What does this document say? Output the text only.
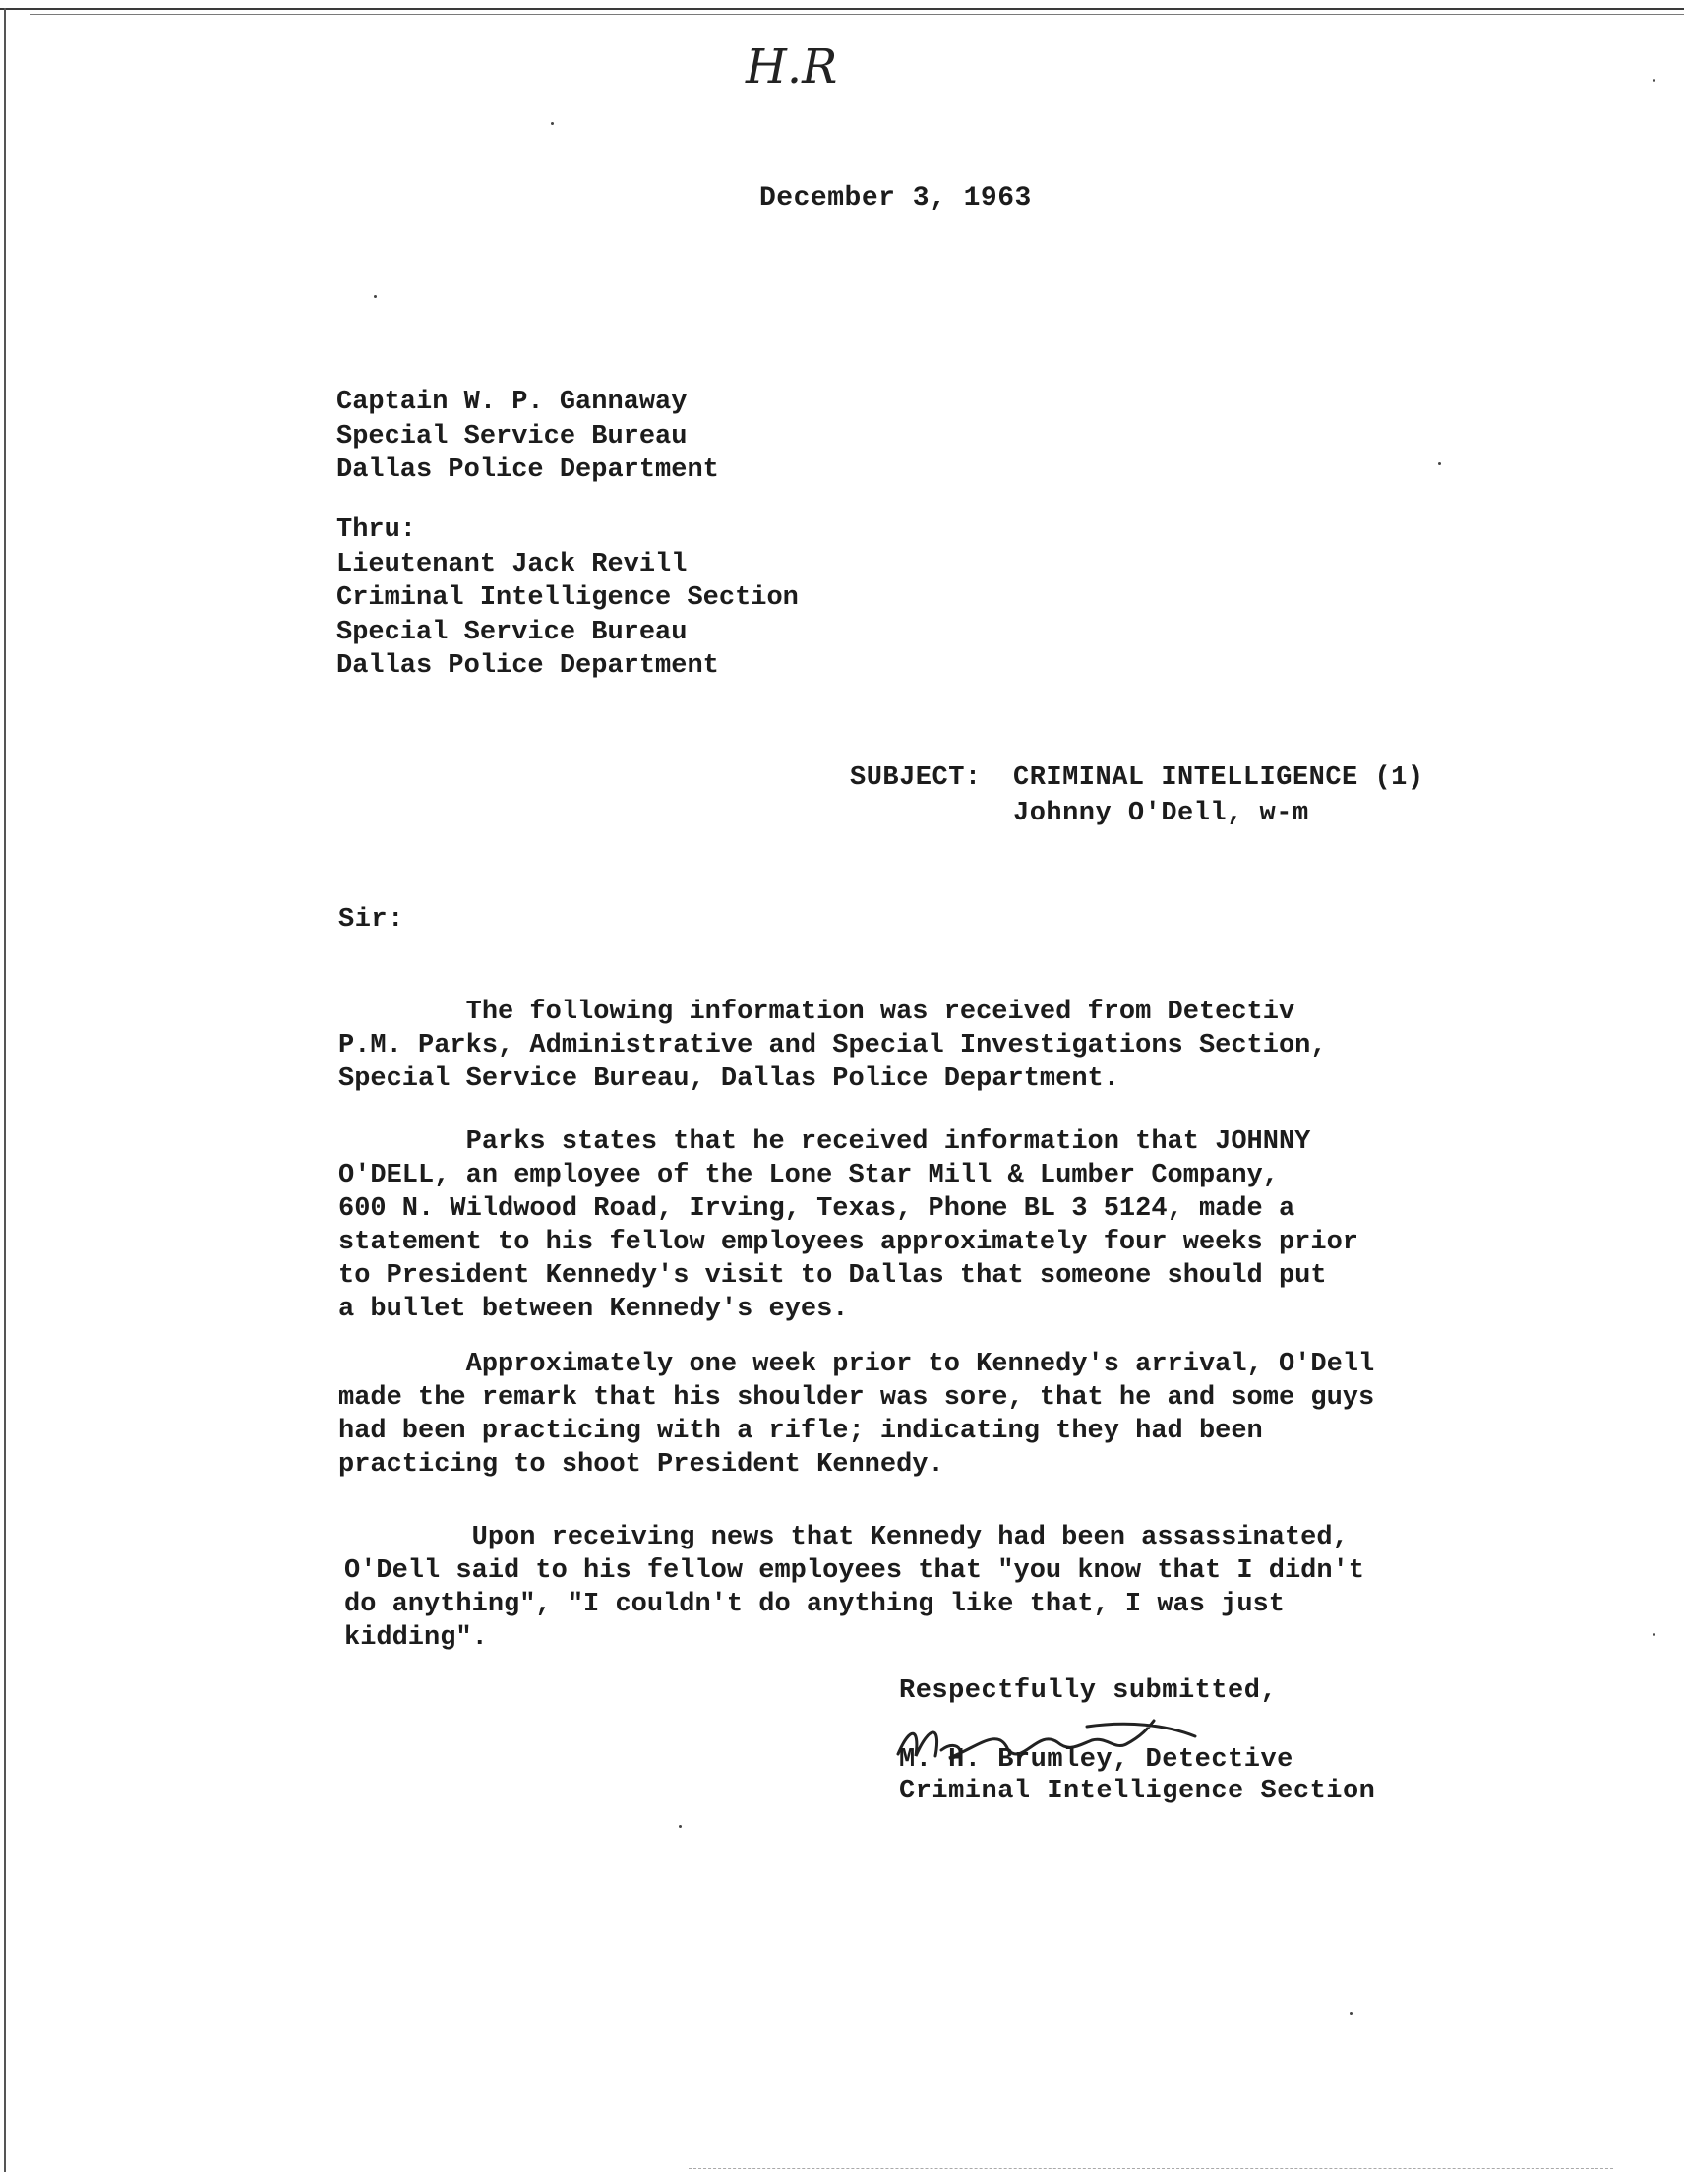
H.R
December 3, 1963
Captain W. P. Gannaway
Special Service Bureau
Dallas Police Department
Thru:
Lieutenant Jack Revill
Criminal Intelligence Section
Special Service Bureau
Dallas Police Department
SUBJECT: CRIMINAL INTELLIGENCE (1)
Johnny O'Dell, w-m
Sir:
The following information was received from Detectiv
P.M. Parks, Administrative and Special Investigations Section,
Special Service Bureau, Dallas Police Department.
Parks states that he received information that JOHNNY
O'DELL, an employee of the Lone Star Mill & Lumber Company,
600 N. Wildwood Road, Irving, Texas, Phone BL 3 5124, made a
statement to his fellow employees approximately four weeks prior
to President Kennedy's visit to Dallas that someone should put
a bullet between Kennedy's eyes.
Approximately one week prior to Kennedy's arrival, O'Dell
made the remark that his shoulder was sore, that he and some guys
had been practicing with a rifle; indicating they had been
practicing to shoot President Kennedy.
Upon receiving news that Kennedy had been assassinated,
O'Dell said to his fellow employees that "you know that I didn't
do anything", "I couldn't do anything like that, I was just
kidding".
Respectfully submitted,
M. H. Brumley, Detective
Criminal Intelligence Section
